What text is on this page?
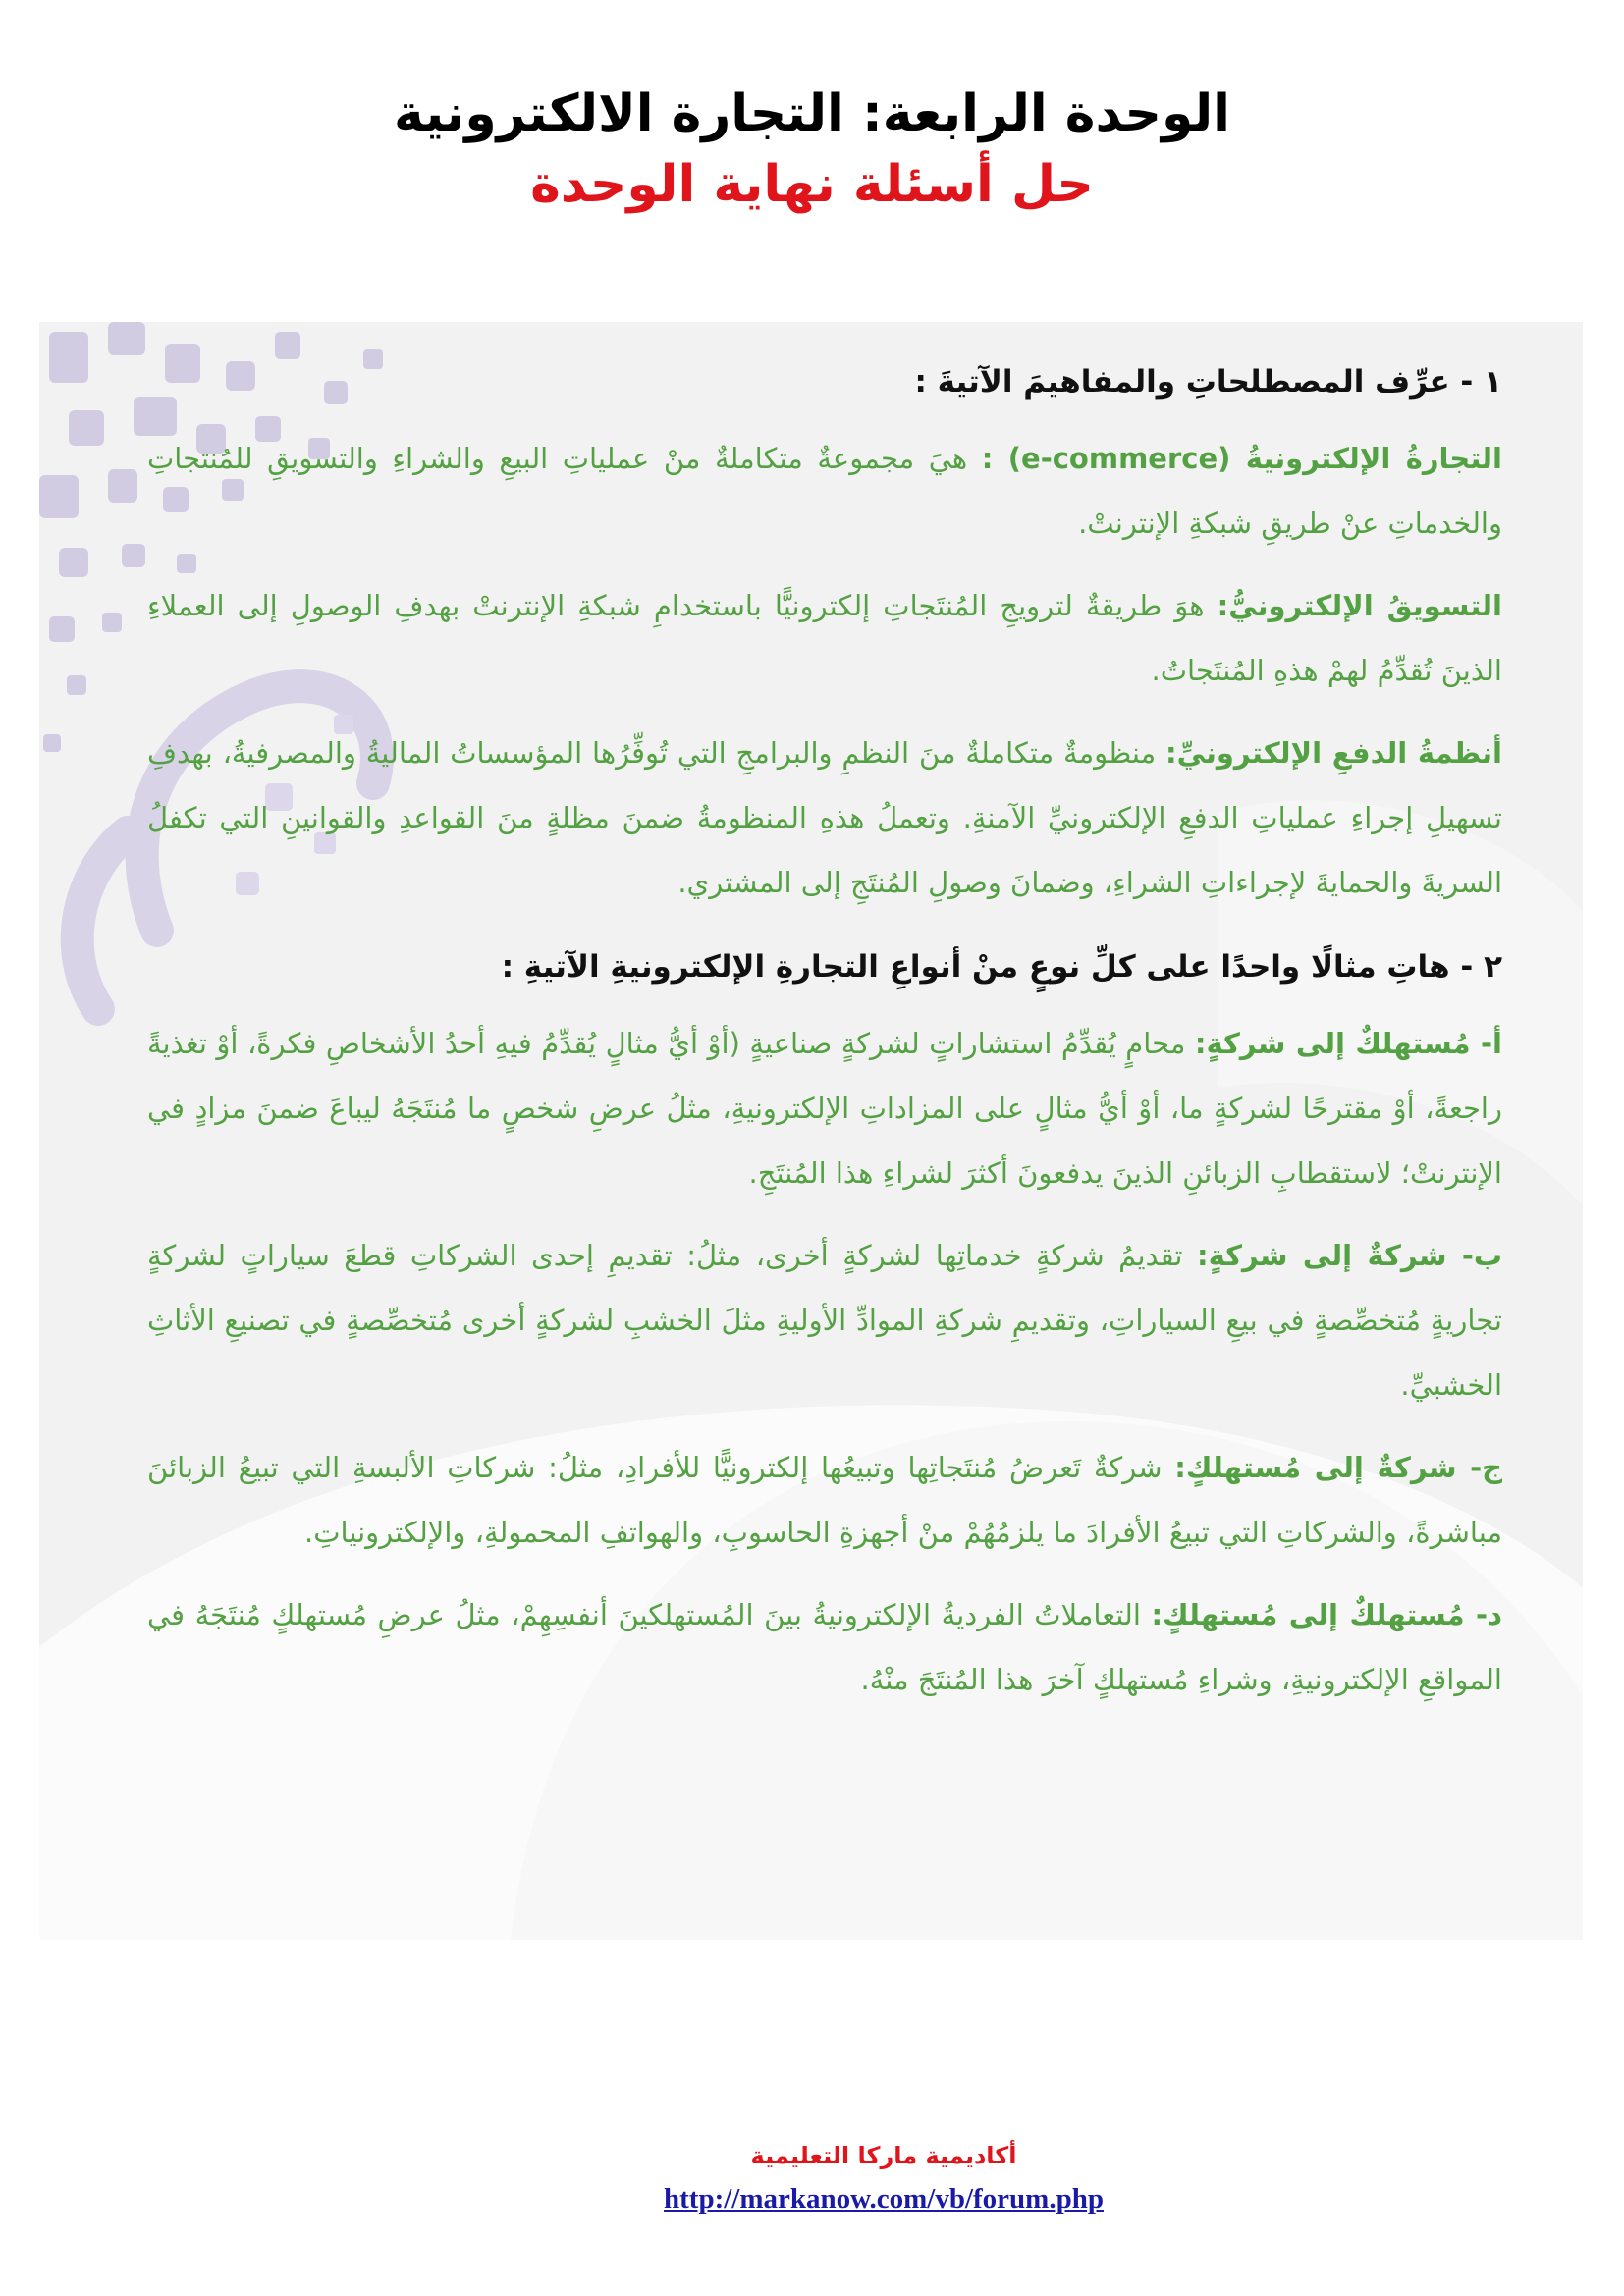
الوحدة الرابعة: التجارة الالكترونية
حل أسئلة نهاية الوحدة
١ - عرِّف المصطلحاتِ والمفاهيمَ الآتيةَ :
التجارةُ الإلكترونيةُ (e-commerce) : هيَ مجموعةٌ متكاملةٌ منْ عملياتِ البيعِ والشراءِ والتسويقِ للمُنتجاتِ والخدماتِ عنْ طريقِ شبكةِ الإنترنتْ.
التسويقُ الإلكترونيُّ: هوَ طريقةٌ لترويجِ المُنتَجاتِ إلكترونيًّا باستخدامِ شبكةِ الإنترنتْ بهدفِ الوصولِ إلى العملاءِ الذينَ تُقدِّمُ لهمْ هذهِ المُنتَجاتُ.
أنظمةُ الدفعِ الإلكترونيِّ: منظومةٌ متكاملةٌ منَ النظمِ والبرامجِ التي تُوفِّرُها المؤسساتُ الماليةُ والمصرفيةُ، بهدفِ تسهيلِ إجراءِ عملياتِ الدفعِ الإلكترونيِّ الآمنةِ. وتعملُ هذهِ المنظومةُ ضمنَ مظلةٍ منَ القواعدِ والقوانينِ التي تكفلُ السريةَ والحمايةَ لإجراءاتِ الشراءِ، وضمانَ وصولِ المُنتَجِ إلى المشتري.
٢ - هاتِ مثالًا واحدًا على كلِّ نوعٍ منْ أنواعِ التجارةِ الإلكترونيةِ الآتيةِ :
أ- مُستهلكٌ إلى شركةٍ: محامٍ يُقدِّمُ استشاراتٍ لشركةٍ صناعيةٍ (أوْ أيُّ مثالٍ يُقدِّمُ فيهِ أحدُ الأشخاصِ فكرةً، أوْ تغذيةً راجعةً، أوْ مقترحًا لشركةٍ ما، أوْ أيُّ مثالٍ على المزاداتِ الإلكترونيةِ، مثلُ عرضِ شخصٍ ما مُنتَجَهُ ليباعَ ضمنَ مزادٍ في الإنترنتْ؛ لاستقطابِ الزبائنِ الذينَ يدفعونَ أكثرَ لشراءِ هذا المُنتَجِ.
ب- شركةٌ إلى شركةٍ: تقديمُ شركةٍ خدماتِها لشركةٍ أخرى، مثلُ: تقديمِ إحدى الشركاتِ قطعَ سياراتٍ لشركةٍ تجاريةٍ مُتخصِّصةٍ في بيعِ السياراتِ، وتقديمِ شركةِ الموادِّ الأوليةِ مثلَ الخشبِ لشركةٍ أخرى مُتخصِّصةٍ في تصنيعِ الأثاثِ الخشبيِّ.
ج- شركةٌ إلى مُستهلكٍ: شركةٌ تَعرضُ مُنتَجاتِها وتبيعُها إلكترونيًّا للأفرادِ، مثلُ: شركاتِ الألبسةِ التي تبيعُ الزبائنَ مباشرةً، والشركاتِ التي تبيعُ الأفرادَ ما يلزمُهُمْ منْ أجهزةِ الحاسوبِ، والهواتفِ المحمولةِ، والإلكترونياتِ.
د- مُستهلكٌ إلى مُستهلكٍ: التعاملاتُ الفرديةُ الإلكترونيةُ بينَ المُستهلكينَ أنفسِهِمْ، مثلُ عرضِ مُستهلكٍ مُنتَجَهُ في المواقعِ الإلكترونيةِ، وشراءِ مُستهلكٍ آخرَ هذا المُنتَجَ منْهُ.
أكاديمية ماركا التعليمية
http://markanow.com/vb/forum.php
